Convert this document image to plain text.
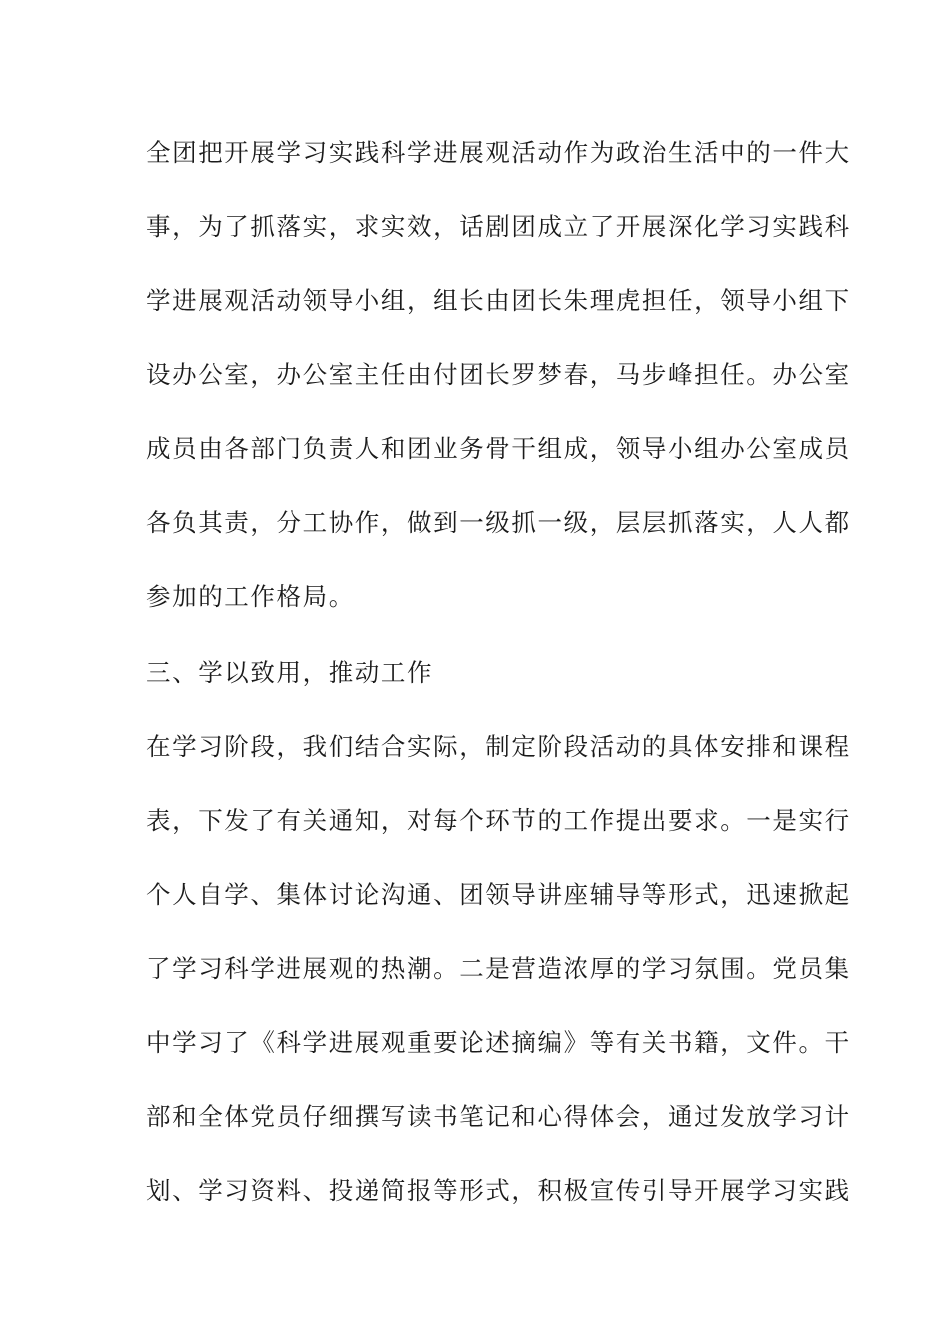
全团把开展学习实践科学进展观活动作为政治生活中的一件大
事，为了抓落实，求实效，话剧团成立了开展深化学习实践科
学进展观活动领导小组，组长由团长朱理虎担任，领导小组下
设办公室，办公室主任由付团长罗梦春，马步峰担任。办公室
成员由各部门负责人和团业务骨干组成，领导小组办公室成员
各负其责，分工协作，做到一级抓一级，层层抓落实，人人都
参加的工作格局。
三、学以致用，推动工作
在学习阶段，我们结合实际，制定阶段活动的具体安排和课程
表，下发了有关通知，对每个环节的工作提出要求。一是实行
个人自学、集体讨论沟通、团领导讲座辅导等形式，迅速掀起
了学习科学进展观的热潮。二是营造浓厚的学习氛围。党员集
中学习了《科学进展观重要论述摘编》等有关书籍，文件。干
部和全体党员仔细撰写读书笔记和心得体会，通过发放学习计
划、学习资料、投递简报等形式，积极宣传引导开展学习实践
